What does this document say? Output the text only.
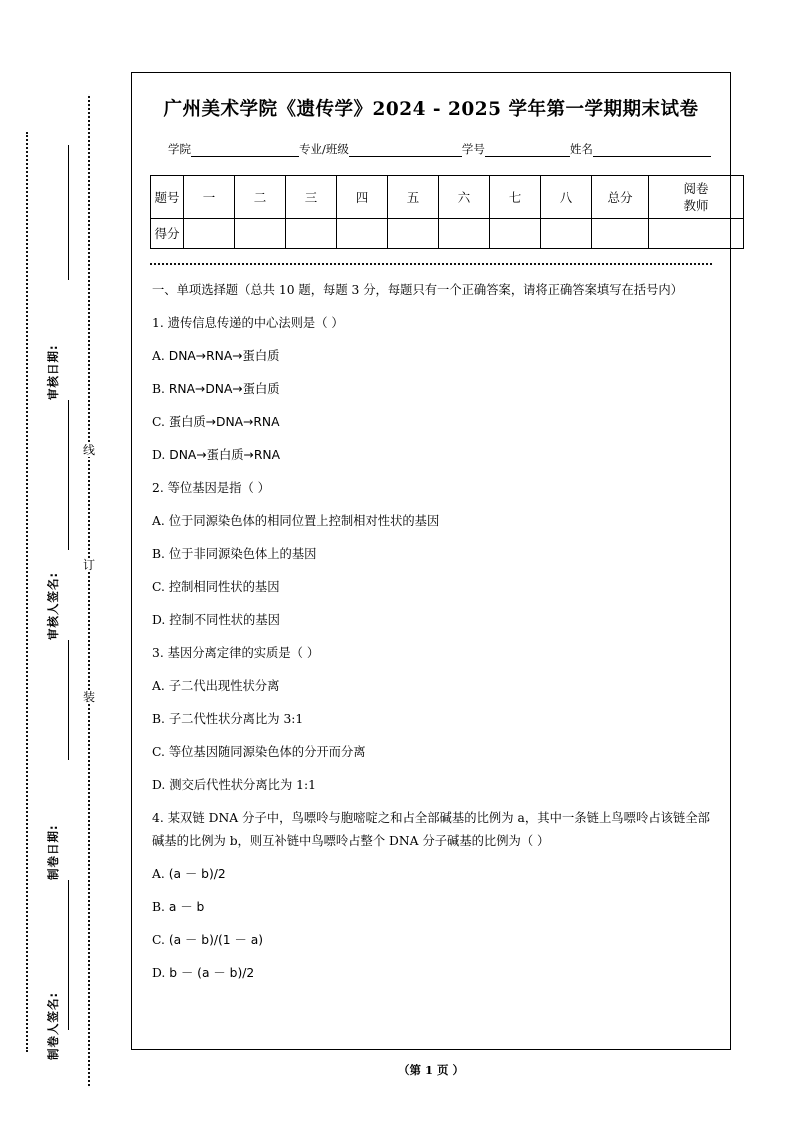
审核日期:
审核人签名:
制卷日期:
制卷人签名:
线
订
装
广州美术学院《遗传学》2024 - 2025 学年第一学期期末试卷
学院	专业/班级	学号	姓名
题号	一	二	三	四	五	六	七	八	总分	阅卷
教师

得分										
一、单项选择题（总共 10 题，每题 3 分，每题只有一个正确答案，请将正确答案填写在括号内）
1. 遗传信息传递的中心法则是（ ）
A. DNA→RNA→蛋白质
B. RNA→DNA→蛋白质
C. 蛋白质→DNA→RNA
D. DNA→蛋白质→RNA
2. 等位基因是指（ ）
A. 位于同源染色体的相同位置上控制相对性状的基因
B. 位于非同源染色体上的基因
C. 控制相同性状的基因
D. 控制不同性状的基因
3. 基因分离定律的实质是（ ）
A. 子二代出现性状分离
B. 子二代性状分离比为 3:1
C. 等位基因随同源染色体的分开而分离
D. 测交后代性状分离比为 1:1
4. 某双链 DNA 分子中，鸟嘌呤与胞嘧啶之和占全部碱基的比例为 a，其中一条链上鸟嘌呤占该链全部碱基的比例为 b，则互补链中鸟嘌呤占整个 DNA 分子碱基的比例为（ ）
A. (a － b)/2
B. a － b
C. (a － b)/(1 － a)
D. b － (a － b)/2
（第 1 页 ）
